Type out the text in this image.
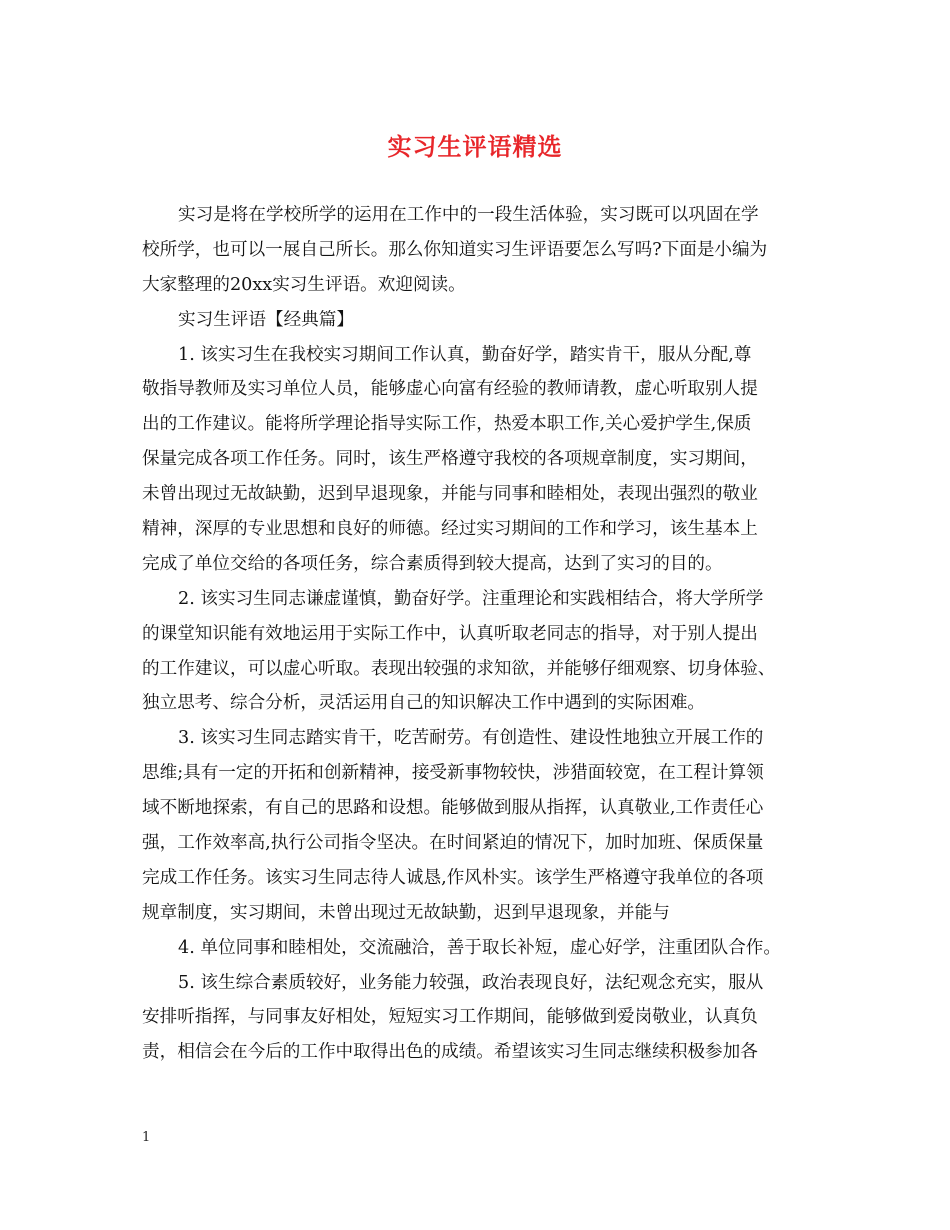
实习生评语精选
实习是将在学校所学的运用在工作中的一段生活体验，实习既可以巩固在学
校所学，也可以一展自己所长。那么你知道实习生评语要怎么写吗?下面是小编为
大家整理的20xx实习生评语。欢迎阅读。
实习生评语【经典篇】
1. 该实习生在我校实习期间工作认真，勤奋好学，踏实肯干，服从分配,尊
敬指导教师及实习单位人员，能够虚心向富有经验的教师请教，虚心听取别人提
出的工作建议。能将所学理论指导实际工作，热爱本职工作,关心爱护学生,保质
保量完成各项工作任务。同时，该生严格遵守我校的各项规章制度，实习期间，
未曾出现过无故缺勤，迟到早退现象，并能与同事和睦相处，表现出强烈的敬业
精神，深厚的专业思想和良好的师德。经过实习期间的工作和学习，该生基本上
完成了单位交给的各项任务，综合素质得到较大提高，达到了实习的目的。
2. 该实习生同志谦虚谨慎，勤奋好学。注重理论和实践相结合，将大学所学
的课堂知识能有效地运用于实际工作中，认真听取老同志的指导，对于别人提出
的工作建议，可以虚心听取。表现出较强的求知欲，并能够仔细观察、切身体验、
独立思考、综合分析，灵活运用自己的知识解决工作中遇到的实际困难。
3. 该实习生同志踏实肯干，吃苦耐劳。有创造性、建设性地独立开展工作的
思维;具有一定的开拓和创新精神，接受新事物较快，涉猎面较宽，在工程计算领
域不断地探索，有自己的思路和设想。能够做到服从指挥，认真敬业,工作责任心
强，工作效率高,执行公司指令坚决。在时间紧迫的情况下，加时加班、保质保量
完成工作任务。该实习生同志待人诚恳,作风朴实。该学生严格遵守我单位的各项
规章制度，实习期间，未曾出现过无故缺勤，迟到早退现象，并能与
4. 单位同事和睦相处，交流融洽，善于取长补短，虚心好学，注重团队合作。
5. 该生综合素质较好，业务能力较强，政治表现良好，法纪观念充实，服从
安排听指挥，与同事友好相处，短短实习工作期间，能够做到爱岗敬业，认真负
责，相信会在今后的工作中取得出色的成绩。希望该实习生同志继续积极参加各
1
